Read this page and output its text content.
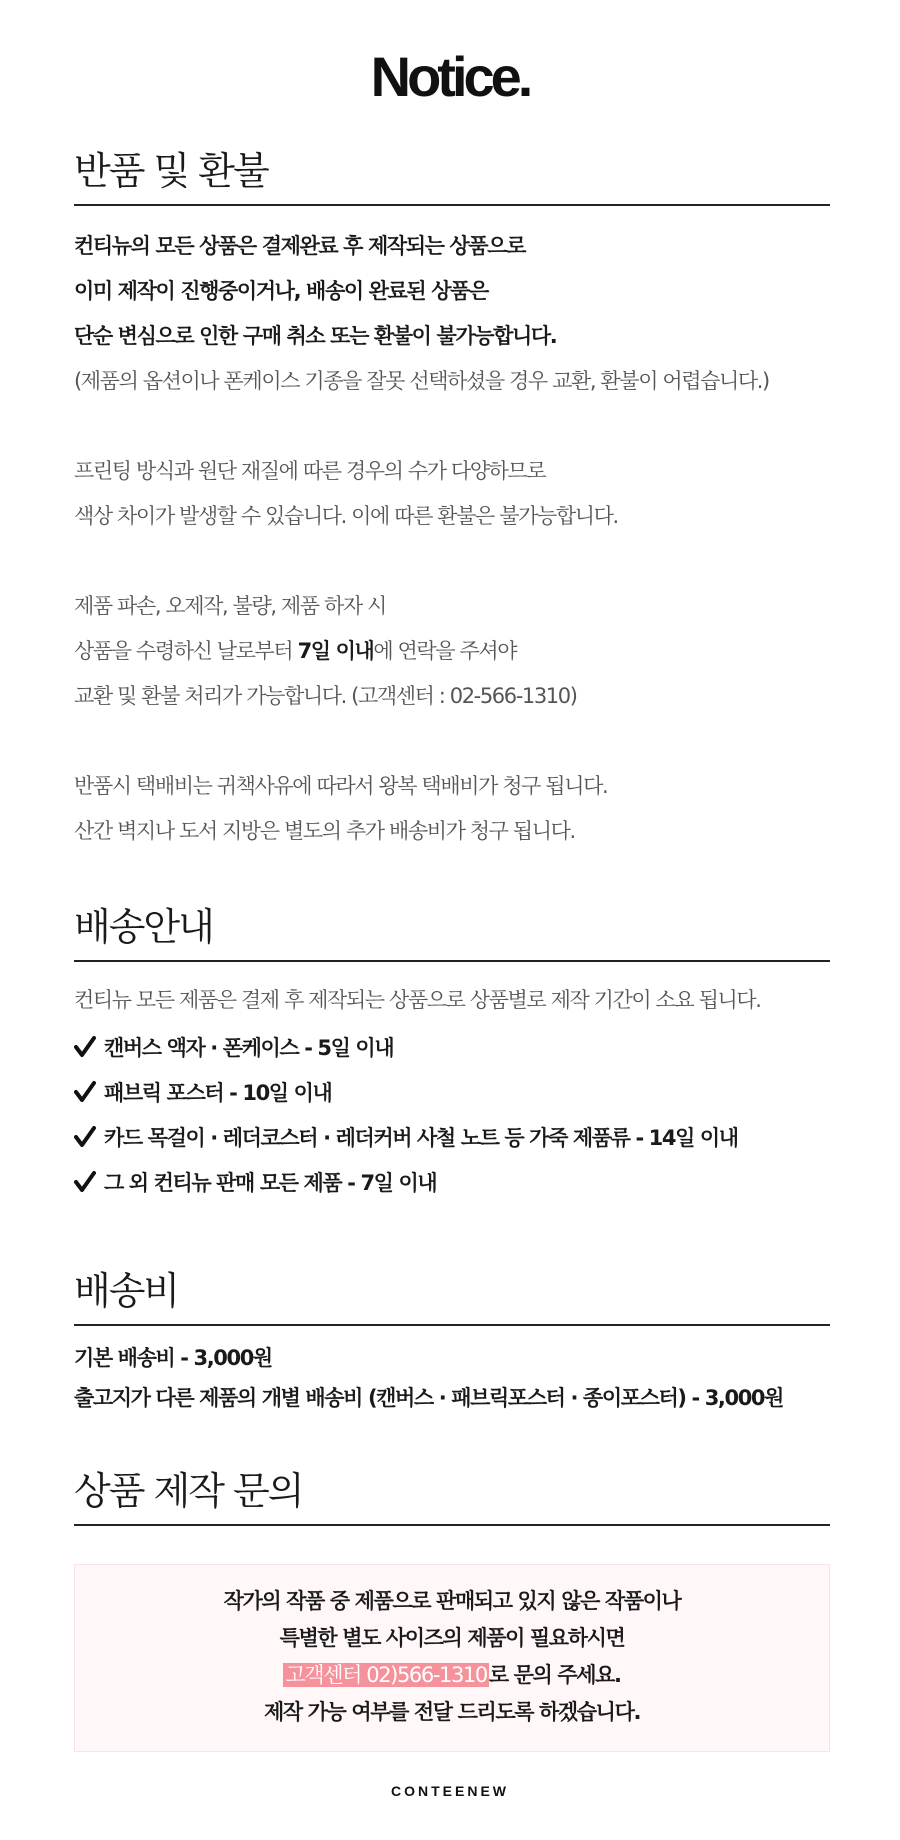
Notice.
반품 및 환불
컨티뉴의 모든 상품은 결제완료 후 제작되는 상품으로
이미 제작이 진행중이거나, 배송이 완료된 상품은
단순 변심으로 인한 구매 취소 또는 환불이 불가능합니다.
(제품의 옵션이나 폰케이스 기종을 잘못 선택하셨을 경우 교환, 환불이 어렵습니다.)
프린팅 방식과 원단 재질에 따른 경우의 수가 다양하므로
색상 차이가 발생할 수 있습니다. 이에 따른 환불은 불가능합니다.
제품 파손, 오제작, 불량, 제품 하자 시
상품을 수령하신 날로부터 7일 이내에 연락을 주셔야
교환 및 환불 처리가 가능합니다. (고객센터 : 02-566-1310)
반품시 택배비는 귀책사유에 따라서 왕복 택배비가 청구 됩니다.
산간 벽지나 도서 지방은 별도의 추가 배송비가 청구 됩니다.
배송안내
컨티뉴 모든 제품은 결제 후 제작되는 상품으로 상품별로 제작 기간이 소요 됩니다.
캔버스 액자 · 폰케이스 - 5일 이내
패브릭 포스터 - 10일 이내
카드 목걸이 · 레더코스터 · 레더커버 사철 노트 등 가죽 제품류 - 14일 이내
그 외 컨티뉴 판매 모든 제품 - 7일 이내
배송비
기본 배송비 - 3,000원
출고지가 다른 제품의 개별 배송비 (캔버스 · 패브릭포스터 · 종이포스터) - 3,000원
상품 제작 문의
작가의 작품 중 제품으로 판매되고 있지 않은 작품이나
특별한 별도 사이즈의 제품이 필요하시면
고객센터 02)566-1310로 문의 주세요.
제작 가능 여부를 전달 드리도록 하겠습니다.
CONTEENEW
